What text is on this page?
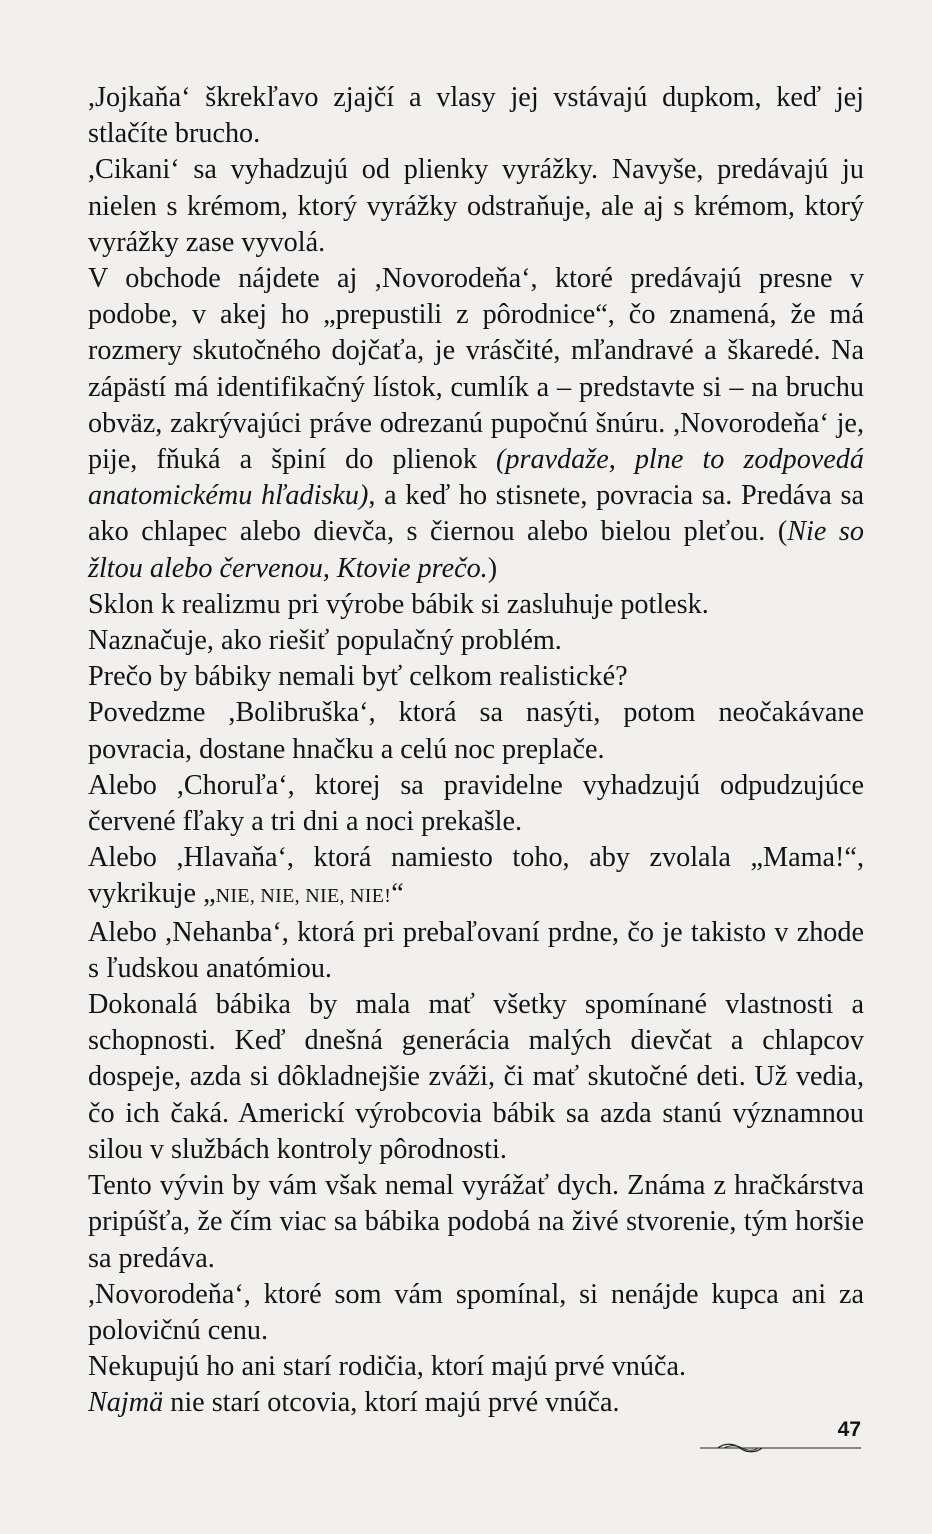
,Jojkaňa‘ škrekľavo zjajčí a vlasy jej vstávajú dupkom, keď jej stlačíte brucho.

,Cikani‘ sa vyhadzujú od plienky vyrážky. Navyše, predávajú ju nielen s krémom, ktorý vyrážky odstraňuje, ale aj s krémom, ktorý vyrážky zase vyvolá.

V obchode nájdete aj ,Novorodeňa‘, ktoré predávajú presne v podobe, v akej ho „prepustili z pôrodnice“, čo znamená, že má rozmery skutočného dojčaťa, je vrásčité, mľandravé a škaredé. Na zápästí má identifikačný lístok, cumlík a – predstavte si – na bruchu obväz, zakrývajúci práve odrezanú pupočnú šnúru. ,Novorodeňa‘ je, pije, fňuká a špiní do plienok (pravdaže, plne to zodpovedá anatomickému hľadisku), a keď ho stisnete, povracia sa. Predáva sa ako chlapec alebo dievča, s čiernou alebo bielou pleťou. (Nie so žltou alebo červenou, Ktovie prečo.)

Sklon k realizmu pri výrobe bábik si zasluhuje potlesk.

Naznačuje, ako riešiť populačný problém.

Prečo by bábiky nemali byť celkom realistické?

Povedzme ,Bolibruška‘, ktorá sa nasýti, potom neočakávane povracia, dostane hnačku a celú noc preplače.

Alebo ,Choruľa‘, ktorej sa pravidelne vyhadzujú odpudzujúce červené fľaky a tri dni a noci prekašle.

Alebo ,Hlavaňa‘, ktorá namiesto toho, aby zvolala „Mama!“, vykrikuje „NIE, NIE, NIE, NIE!“

Alebo ,Nehanba‘, ktorá pri prebaľovaní prdne, čo je takisto v zhode s ľudskou anatómiou.

Dokonalá bábika by mala mať všetky spomínané vlastnosti a schopnosti. Keď dnešná generácia malých dievčat a chlapcov dospeje, azda si dôkladnejšie zváži, či mať skutočné deti. Už vedia, čo ich čaká. Americkí výrobcovia bábik sa azda stanú významnou silou v službách kontroly pôrodnosti.

Tento vývin by vám však nemal vyrážať dych. Známa z hračkárstva pripúšťa, že čím viac sa bábika podobá na živé stvorenie, tým horšie sa predáva.

,Novorodeňa‘, ktoré som vám spomínal, si nenájde kupca ani za polovičnú cenu.

Nekupujú ho ani starí rodičia, ktorí majú prvé vnúča.

Najmä nie starí otcovia, ktorí majú prvé vnúča.

47
